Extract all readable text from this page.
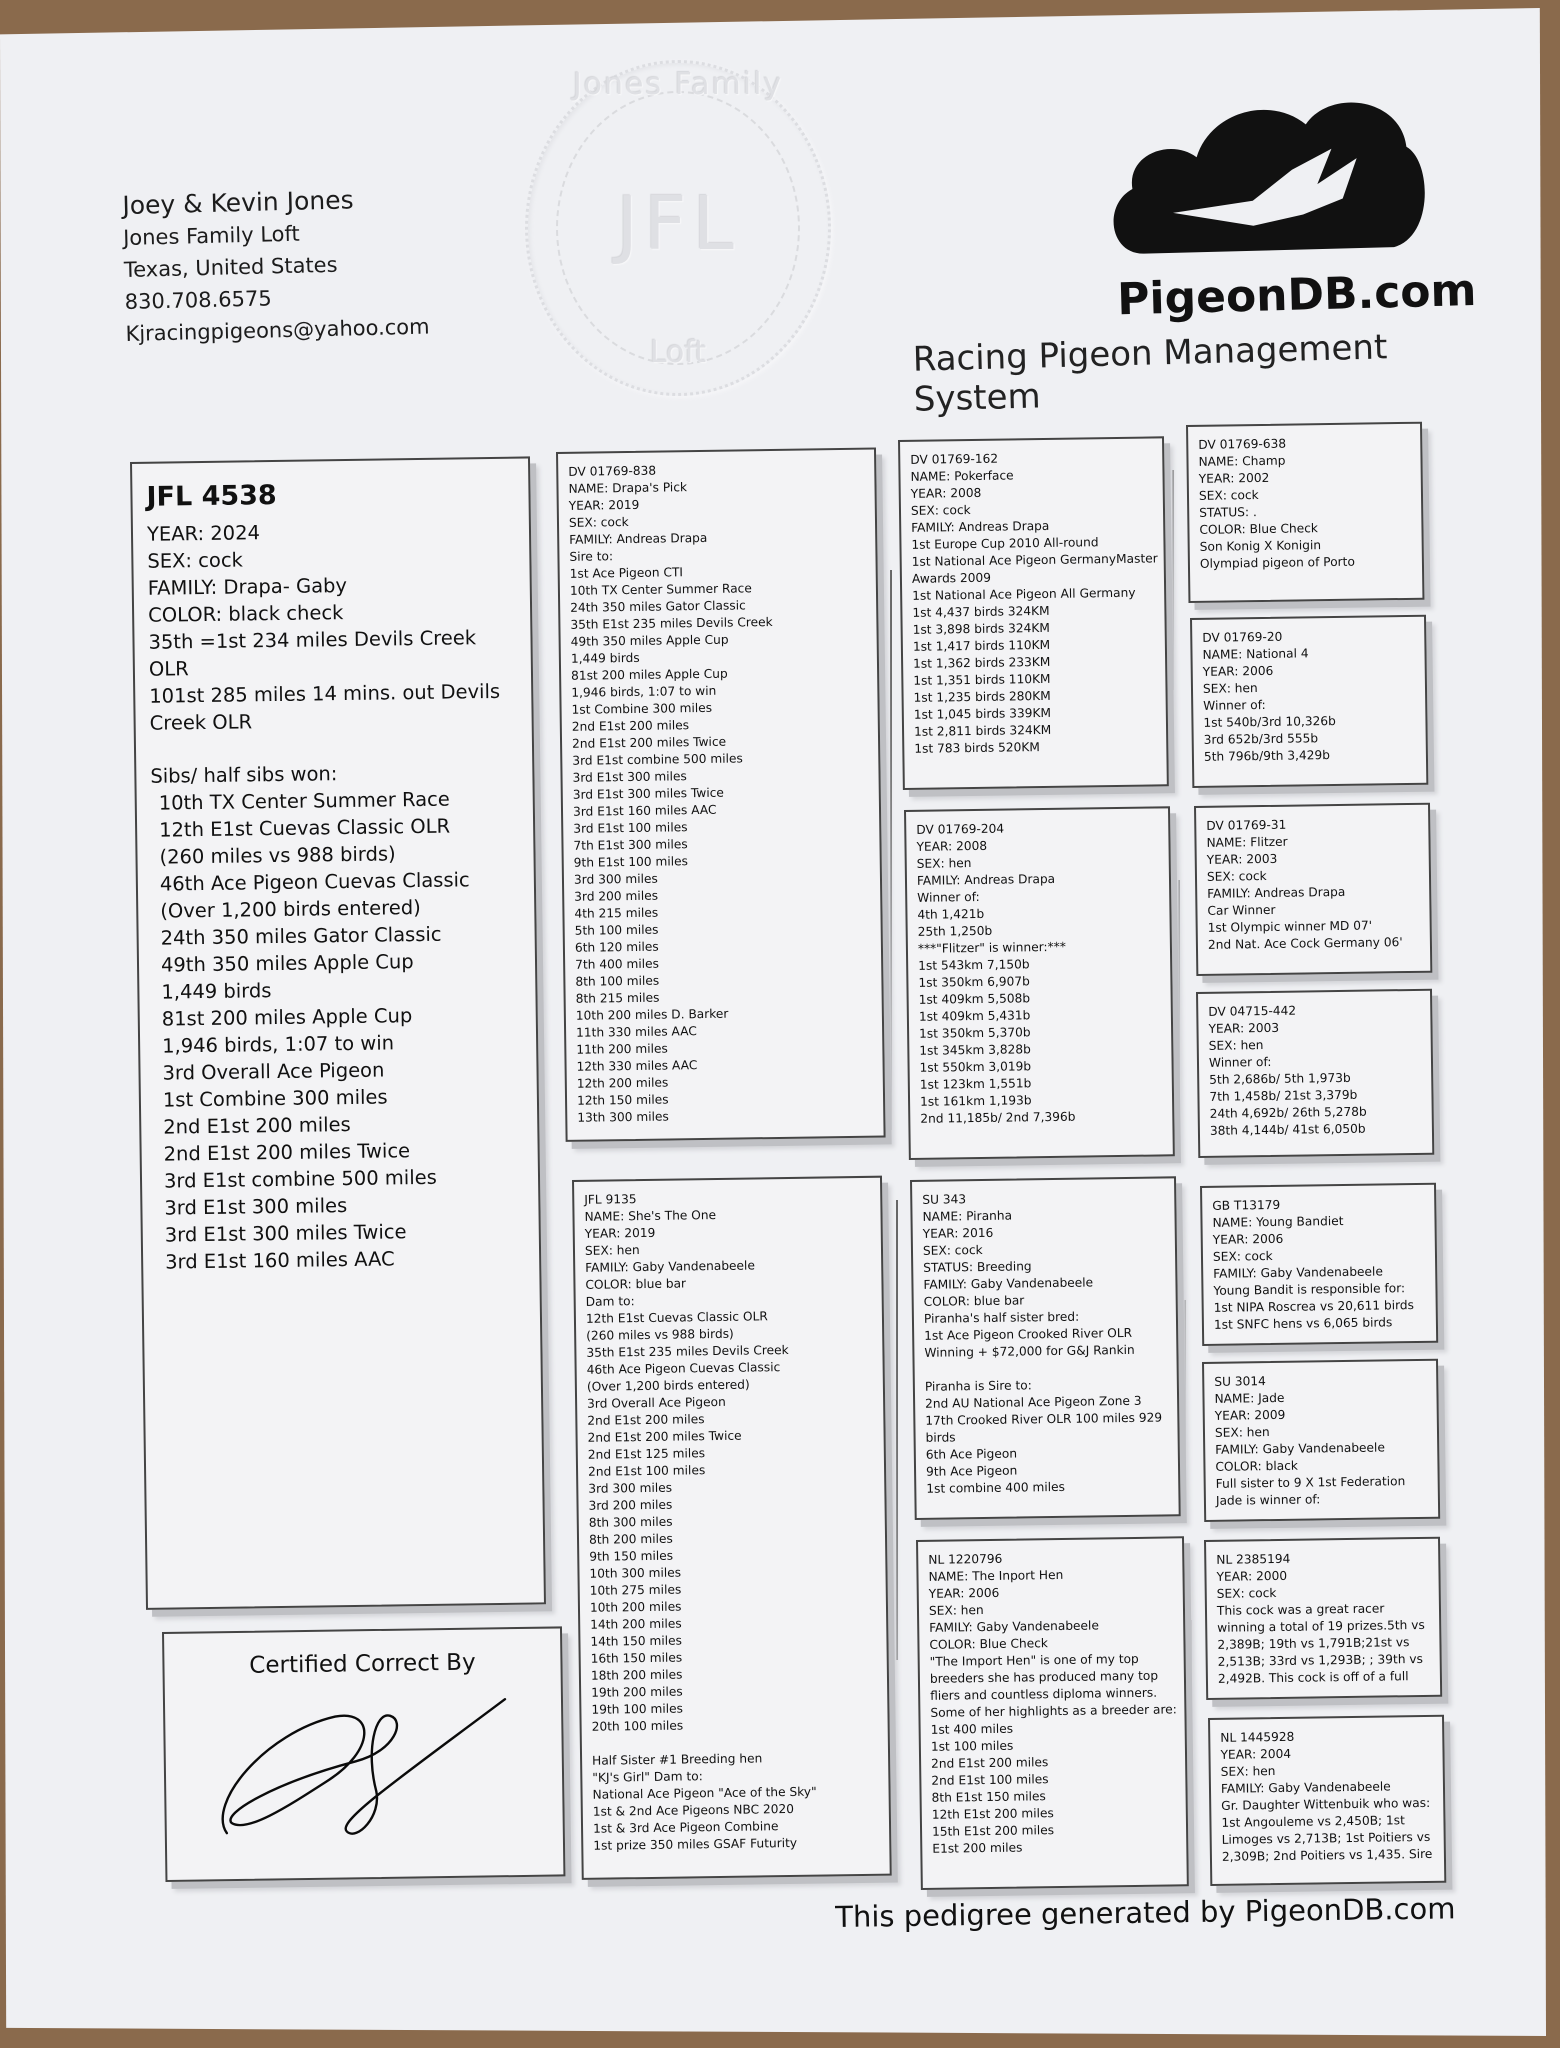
Joey & Kevin Jones
Jones Family Loft
Texas, United States
830.708.6575
Kjracingpigeons@yahoo.com
Jones Family
JFL
Loft
PigeonDB.com
Racing Pigeon Management System
JFL 4538
YEAR: 2024
SEX: cock
FAMILY: Drapa- Gaby
COLOR: black check
35th =1st 234 miles Devils Creek OLR
101st 285 miles 14 mins. out Devils
Creek OLR
Sibs/ half sibs won:
10th TX Center Summer Race
12th E1st Cuevas Classic OLR
(260 miles vs 988 birds)
46th Ace Pigeon Cuevas Classic
(Over 1,200 birds entered)
24th 350 miles Gator Classic
49th 350 miles Apple Cup
1,449 birds
81st 200 miles Apple Cup
1,946 birds, 1:07 to win
3rd Overall Ace Pigeon
1st Combine 300 miles
2nd E1st 200 miles
2nd E1st 200 miles Twice
3rd E1st combine 500 miles
3rd E1st 300 miles
3rd E1st 300 miles Twice
3rd E1st 160 miles AAC
Certified Correct By
DV 01769-838
NAME: Drapa's Pick
YEAR: 2019
SEX: cock
FAMILY: Andreas Drapa
Sire to:
1st Ace Pigeon CTI
10th TX Center Summer Race
24th 350 miles Gator Classic
35th E1st 235 miles Devils Creek
49th 350 miles Apple Cup
1,449 birds
81st 200 miles Apple Cup
1,946 birds, 1:07 to win
1st Combine 300 miles
2nd E1st 200 miles
2nd E1st 200 miles Twice
3rd E1st combine 500 miles
3rd E1st 300 miles
3rd E1st 300 miles Twice
3rd E1st 160 miles AAC
3rd E1st 100 miles
7th E1st 300 miles
9th E1st 100 miles
3rd 300 miles
3rd 200 miles
4th 215 miles
5th 100 miles
6th 120 miles
7th 400 miles
8th 100 miles
8th 215 miles
10th 200 miles D. Barker
11th 330 miles AAC
11th 200 miles
12th 330 miles AAC
12th 200 miles
12th 150 miles
13th 300 miles
JFL 9135
NAME: She's The One
YEAR: 2019
SEX: hen
FAMILY: Gaby Vandenabeele
COLOR: blue bar
Dam to:
12th E1st Cuevas Classic OLR
(260 miles vs 988 birds)
35th E1st 235 miles Devils Creek
46th Ace Pigeon Cuevas Classic
(Over 1,200 birds entered)
3rd Overall Ace Pigeon
2nd E1st 200 miles
2nd E1st 200 miles Twice
2nd E1st 125 miles
2nd E1st 100 miles
3rd 300 miles
3rd 200 miles
8th 300 miles
8th 200 miles
9th 150 miles
10th 300 miles
10th 275 miles
10th 200 miles
14th 200 miles
14th 150 miles
16th 150 miles
18th 200 miles
19th 200 miles
19th 100 miles
20th 100 miles

Half Sister #1 Breeding hen
"KJ's Girl" Dam to:
National Ace Pigeon "Ace of the Sky"
1st & 2nd Ace Pigeons NBC 2020
1st & 3rd Ace Pigeon Combine
1st prize 350 miles GSAF Futurity
DV 01769-162
NAME: Pokerface
YEAR: 2008
SEX: cock
FAMILY: Andreas Drapa
1st Europe Cup 2010 All-round
1st National Ace Pigeon GermanyMaster
Awards 2009
1st National Ace Pigeon All Germany
1st 4,437 birds 324KM
1st 3,898 birds 324KM
1st 1,417 birds 110KM
1st 1,362 birds 233KM
1st 1,351 birds 110KM
1st 1,235 birds 280KM
1st 1,045 birds 339KM
1st 2,811 birds 324KM
1st 783 birds 520KM
DV 01769-204
YEAR: 2008
SEX: hen
FAMILY: Andreas Drapa
Winner of:
4th 1,421b
25th 1,250b
***"Flitzer" is winner:***
1st 543km 7,150b
1st 350km 6,907b
1st 409km 5,508b
1st 409km 5,431b
1st 350km 5,370b
1st 345km 3,828b
1st 550km 3,019b
1st 123km 1,551b
1st 161km 1,193b
2nd 11,185b/ 2nd 7,396b
SU 343
NAME: Piranha
YEAR: 2016
SEX: cock
STATUS: Breeding
FAMILY: Gaby Vandenabeele
COLOR: blue bar
Piranha's half sister bred:
1st Ace Pigeon Crooked River OLR
Winning + $72,000 for G&J Rankin

Piranha is Sire to:
2nd AU National Ace Pigeon Zone 3
17th Crooked River OLR 100 miles 929
birds
6th Ace Pigeon
9th Ace Pigeon
1st combine 400 miles
NL 1220796
NAME: The Inport Hen
YEAR: 2006
SEX: hen
FAMILY: Gaby Vandenabeele
COLOR: Blue Check
"The Import Hen" is one of my top
breeders she has produced many top
fliers and countless diploma winners.
Some of her highlights as a breeder are:
1st 400 miles
1st 100 miles
2nd E1st 200 miles
2nd E1st 100 miles
8th E1st 150 miles
12th E1st 200 miles
15th E1st 200 miles
E1st 200 miles
DV 01769-638
NAME: Champ
YEAR: 2002
SEX: cock
STATUS: .
COLOR: Blue Check
Son Konig X Konigin
Olympiad pigeon of Porto
DV 01769-20
NAME: National 4
YEAR: 2006
SEX: hen
Winner of:
1st 540b/3rd 10,326b
3rd 652b/3rd 555b
5th 796b/9th 3,429b
DV 01769-31
NAME: Flitzer
YEAR: 2003
SEX: cock
FAMILY: Andreas Drapa
Car Winner
1st Olympic winner MD 07'
2nd Nat. Ace Cock Germany 06'
DV 04715-442
YEAR: 2003
SEX: hen
Winner of:
5th 2,686b/ 5th 1,973b
7th 1,458b/ 21st 3,379b
24th 4,692b/ 26th 5,278b
38th 4,144b/ 41st 6,050b
GB T13179
NAME: Young Bandiet
YEAR: 2006
SEX: cock
FAMILY: Gaby Vandenabeele
Young Bandit is responsible for:
1st NIPA Roscrea vs 20,611 birds
1st SNFC hens vs 6,065 birds
SU 3014
NAME: Jade
YEAR: 2009
SEX: hen
FAMILY: Gaby Vandenabeele
COLOR: black
Full sister to 9 X 1st Federation
Jade is winner of:
NL 2385194
YEAR: 2000
SEX: cock
This cock was a great racer
winning a total of 19 prizes.5th vs
2,389B; 19th vs 1,791B;21st vs
2,513B; 33rd vs 1,293B; ; 39th vs
2,492B. This cock is off of a full
NL 1445928
YEAR: 2004
SEX: hen
FAMILY: Gaby Vandenabeele
Gr. Daughter Wittenbuik who was:
1st Angouleme vs 2,450B; 1st
Limoges vs 2,713B; 1st Poitiers vs
2,309B; 2nd Poitiers vs 1,435. Sire
This pedigree generated by PigeonDB.com
